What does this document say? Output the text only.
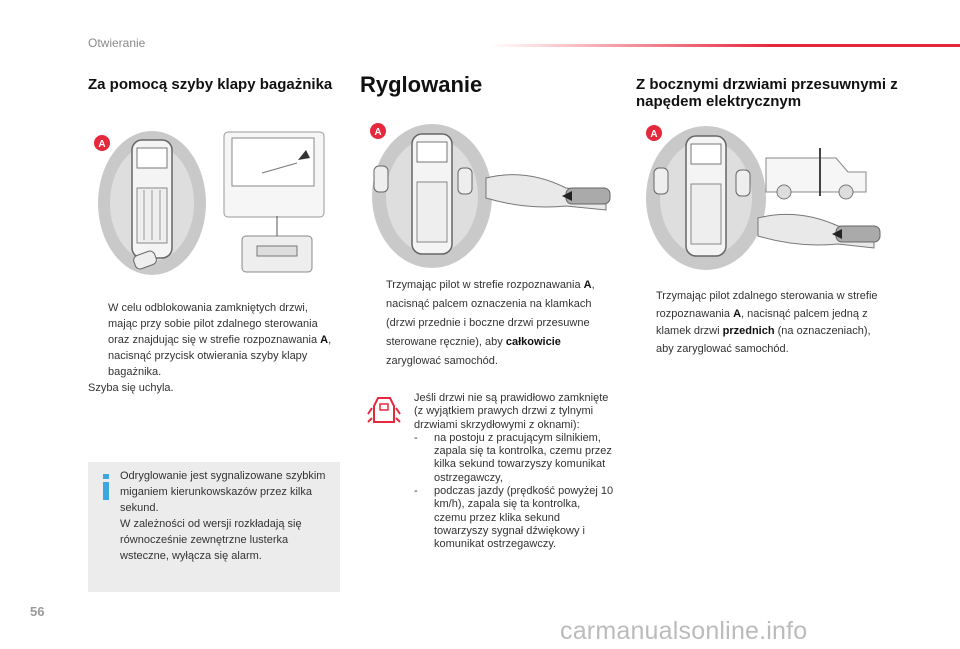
Otwieranie
Za pomocą szyby klapy bagażnika
A
W celu odblokowania zamkniętych drzwi, mając przy sobie pilot zdalnego sterowania oraz znajdując się w strefie rozpoznawania A, nacisnąć przycisk otwierania szyby klapy bagażnika.
Szyba się uchyla.
Odryglowanie jest sygnalizowane szybkim miganiem kierunkowskazów przez kilka sekund.
W zależności od wersji rozkładają się równocześnie zewnętrzne lusterka wsteczne, wyłącza się alarm.
Ryglowanie
A
Trzymając pilot w strefie rozpoznawania A, nacisnąć palcem oznaczenia na klamkach (drzwi przednie i boczne drzwi przesuwne sterowane ręcznie), aby całkowicie zaryglować samochód.
Jeśli drzwi nie są prawidłowo zamknięte (z wyjątkiem prawych drzwi z tylnymi drzwiami skrzydłowymi z oknami):
- na postoju z pracującym silnikiem, zapala się ta kontrolka, czemu przez kilka sekund towarzyszy komunikat ostrzegawczy,
- podczas jazdy (prędkość powyżej 10 km/h), zapala się ta kontrolka, czemu przez klika sekund towarzyszy sygnał dźwiękowy i komunikat ostrzegawczy.
Z bocznymi drzwiami przesuwnymi z napędem elektrycznym
A
Trzymając pilot zdalnego sterowania w strefie rozpoznawania A, nacisnąć palcem jedną z klamek drzwi przednich (na oznaczeniach), aby zaryglować samochód.
56
carmanualsonline.info
